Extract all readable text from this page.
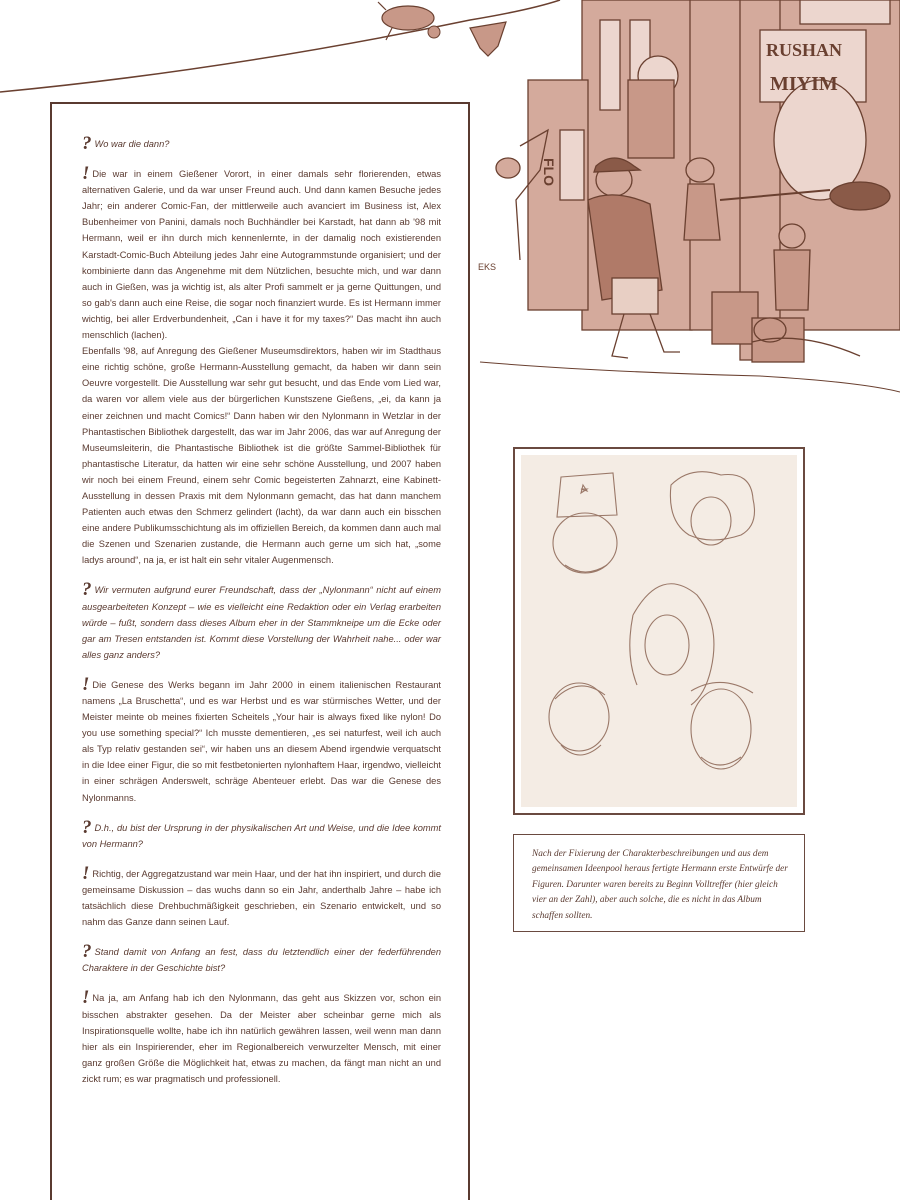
RUSHAN
MIYIM
FLO
EKS

? Wo war die dann?

! Die war in einem Gießener Vorort, in einer damals sehr florierenden, etwas alternativen Galerie, und da war unser Freund auch. Und dann kamen Besuche jedes Jahr; ein anderer Comic-Fan, der mittlerweile auch avanciert im Business ist, Alex Bubenheimer von Panini, damals noch Buchhändler bei Karstadt, hat dann ab '98 mit Hermann, weil er ihn durch mich kennenlernte, in der damalig noch existierenden Karstadt-Comic-Buch Abteilung jedes Jahr eine Autogrammstunde organisiert; und der kombinierte dann das Angenehme mit dem Nützlichen, besuchte mich, und war dann auch in Gießen, was ja wichtig ist, als alter Profi sammelt er ja gerne Quittungen, und so gab's dann auch eine Reise, die sogar noch finanziert wurde. Es ist Hermann immer wichtig, bei aller Erdverbundenheit, „Can i have it for my taxes?“ Das macht ihn auch menschlich (lachen).

Ebenfalls '98, auf Anregung des Gießener Museumsdirektors, haben wir im Stadthaus eine richtig schöne, große Hermann-Ausstellung gemacht, da haben wir dann sein Oeuvre vorgestellt. Die Ausstellung war sehr gut besucht, und das Ende vom Lied war, da waren vor allem viele aus der bürgerlichen Kunstszene Gießens, „ei, da kann ja einer zeichnen und macht Comics!“ Dann haben wir den Nylonmann in Wetzlar in der Phantastischen Bibliothek dargestellt, das war im Jahr 2006, das war auf Anregung der Museumsleiterin, die Phantastische Bibliothek ist die größte Sammel-Bibliothek für phantastische Literatur, da hatten wir eine sehr schöne Ausstellung, und 2007 haben wir noch bei einem Freund, einem sehr Comic begeisterten Zahnarzt, eine Kabinett-Ausstellung in dessen Praxis mit dem Nylonmann gemacht, das hat dann manchem Patienten auch etwas den Schmerz gelindert (lacht), da war dann auch ein bisschen eine andere Publikumsschichtung als im offiziellen Bereich, da kommen dann auch mal die Szenen und Szenarien zustande, die Hermann auch gerne um sich hat, „some ladys around“, na ja, er ist halt ein sehr vitaler Augenmensch.

? Wir vermuten aufgrund eurer Freundschaft, dass der „Nylonmann“ nicht auf einem ausgearbeiteten Konzept – wie es vielleicht eine Redaktion oder ein Verlag erarbeiten würde – fußt, sondern dass dieses Album eher in der Stammkneipe um die Ecke oder gar am Tresen entstanden ist. Kommt diese Vorstellung der Wahrheit nahe... oder war alles ganz anders?

! Die Genese des Werks begann im Jahr 2000 in einem italienischen Restaurant namens „La Bruschetta“, und es war Herbst und es war stürmisches Wetter, und der Meister meinte ob meines fixierten Scheitels „Your hair is always fixed like nylon! Do you use something special?“ Ich musste dementieren, „es sei naturfest, weil ich auch als Typ relativ gestanden sei“, wir haben uns an diesem Abend irgendwie verquatscht in die Idee einer Figur, die so mit festbetonierten nylonhaftem Haar, irgendwo, vielleicht in einer schrägen Anderswelt, schräge Abenteuer erlebt. Das war die Genese des Nylonmanns.

? D.h., du bist der Ursprung in der physikalischen Art und Weise, und die Idee kommt von Hermann?

! Richtig, der Aggregatzustand war mein Haar, und der hat ihn inspiriert, und durch die gemeinsame Diskussion – das wuchs dann so ein Jahr, anderthalb Jahre – habe ich tatsächlich diese Drehbuchmäßigkeit geschrieben, ein Szenario entwickelt, und so nahm das Ganze dann seinen Lauf.

? Stand damit von Anfang an fest, dass du letztendlich einer der federführenden Charaktere in der Geschichte bist?

! Na ja, am Anfang hab ich den Nylonmann, das geht aus Skizzen vor, schon ein bisschen abstrakter gesehen. Da der Meister aber scheinbar gerne mich als Inspirationsquelle wollte, habe ich ihn natürlich gewähren lassen, weil wenn man dann hier als ein Inspirierender, eher im Regionalbereich verwurzelter Mensch, mit einer ganz großen Größe die Möglichkeit hat, etwas zu machen, da fängt man nicht an und zickt rum; es war pragmatisch und professionell.

Nach der Fixierung der Charakterbeschreibungen und aus dem gemeinsamen Ideenpool heraus fertigte Hermann erste Entwürfe der Figuren. Darunter waren bereits zu Beginn Volltreffer (hier gleich vier an der Zahl), aber auch solche, die es nicht in das Album schaffen sollten.
